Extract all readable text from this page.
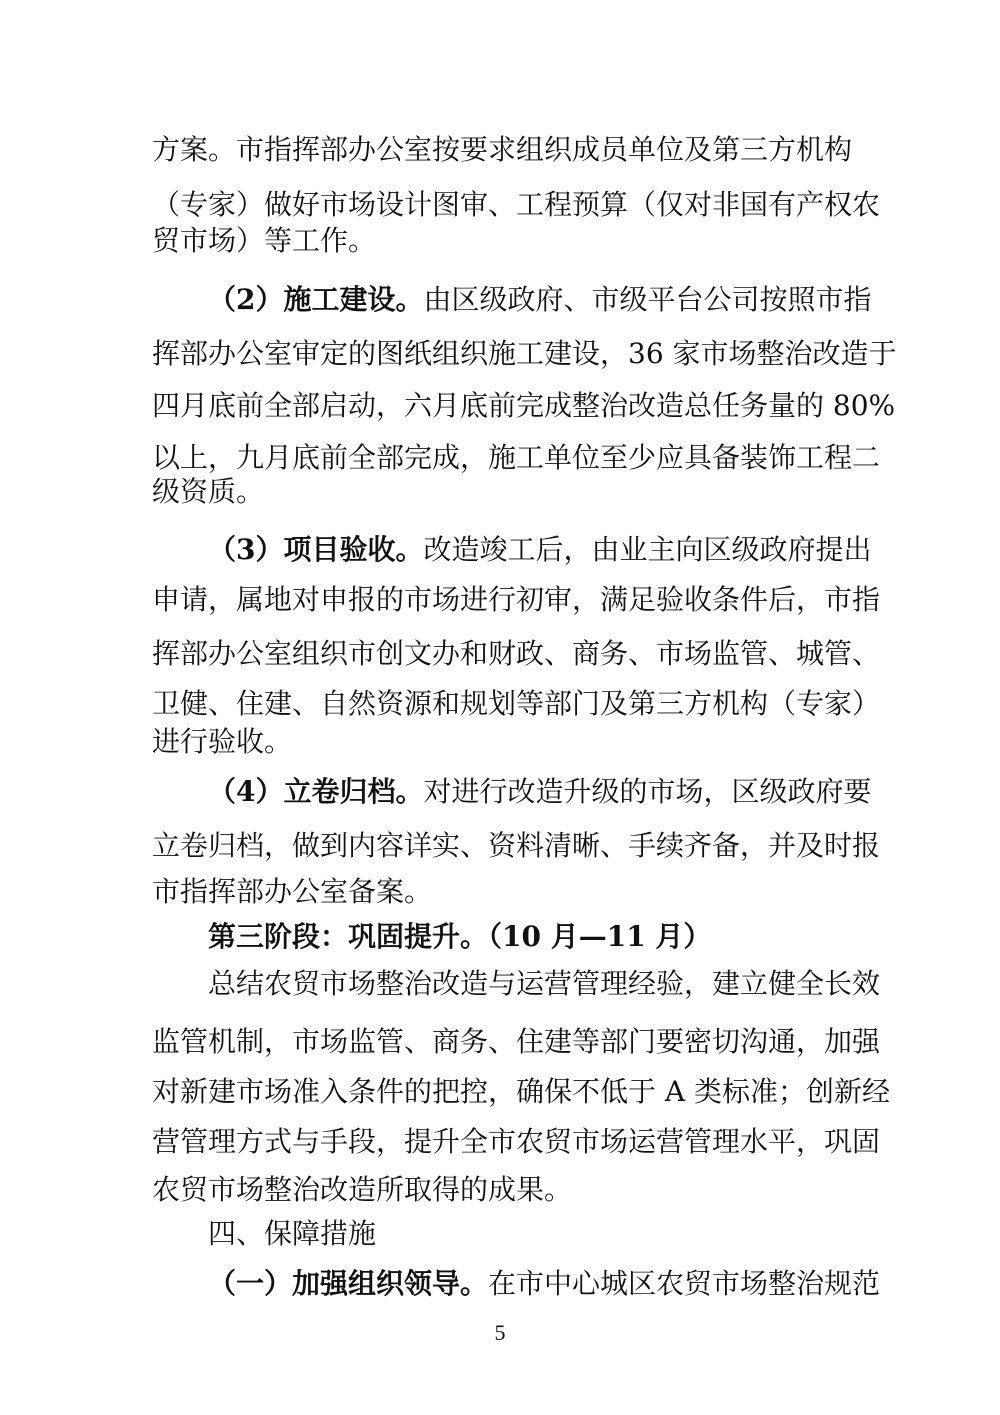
方案。市指挥部办公室按要求组织成员单位及第三方机构
（专家）做好市场设计图审、工程预算（仅对非国有产权农
贸市场）等工作。
（2）施工建设。由区级政府、市级平台公司按照市指
挥部办公室审定的图纸组织施工建设，36 家市场整治改造于
四月底前全部启动，六月底前完成整治改造总任务量的 80%
以上，九月底前全部完成，施工单位至少应具备装饰工程二
级资质。
（3）项目验收。改造竣工后，由业主向区级政府提出
申请，属地对申报的市场进行初审，满足验收条件后，市指
挥部办公室组织市创文办和财政、商务、市场监管、城管、
卫健、住建、自然资源和规划等部门及第三方机构（专家）
进行验收。
（4）立卷归档。对进行改造升级的市场，区级政府要
立卷归档，做到内容详实、资料清晰、手续齐备，并及时报
市指挥部办公室备案。
第三阶段：巩固提升。（10 月—11 月）
总结农贸市场整治改造与运营管理经验，建立健全长效
监管机制，市场监管、商务、住建等部门要密切沟通，加强
对新建市场准入条件的把控，确保不低于 A 类标准；创新经
营管理方式与手段，提升全市农贸市场运营管理水平，巩固
农贸市场整治改造所取得的成果。
四、保障措施
（一）加强组织领导。在市中心城区农贸市场整治规范
5
